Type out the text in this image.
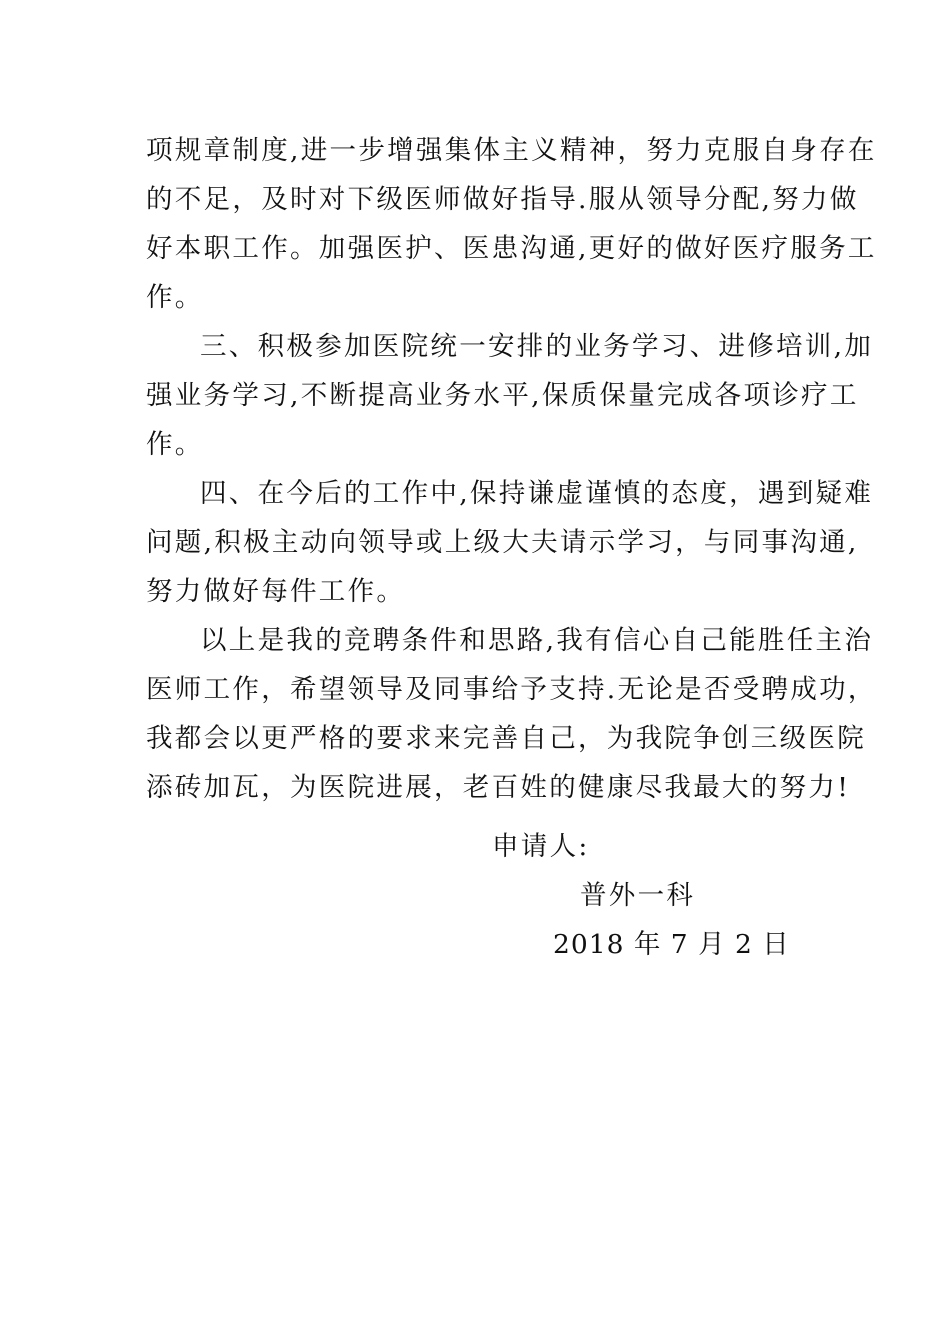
项规章制度,进一步增强集体主义精神，努力克服自身存在
的不足，及时对下级医师做好指导.服从领导分配,努力做
好本职工作。加强医护、医患沟通,更好的做好医疗服务工
作。
三、积极参加医院统一安排的业务学习、进修培训,加
强业务学习,不断提高业务水平,保质保量完成各项诊疗工
作。
四、在今后的工作中,保持谦虚谨慎的态度，遇到疑难
问题,积极主动向领导或上级大夫请示学习，与同事沟通,
努力做好每件工作。
以上是我的竞聘条件和思路,我有信心自己能胜任主治
医师工作，希望领导及同事给予支持.无论是否受聘成功，
我都会以更严格的要求来完善自己，为我院争创三级医院
添砖加瓦，为医院进展，老百姓的健康尽我最大的努力!
申请人:
普外一科
2018 年 7 月 2 日
